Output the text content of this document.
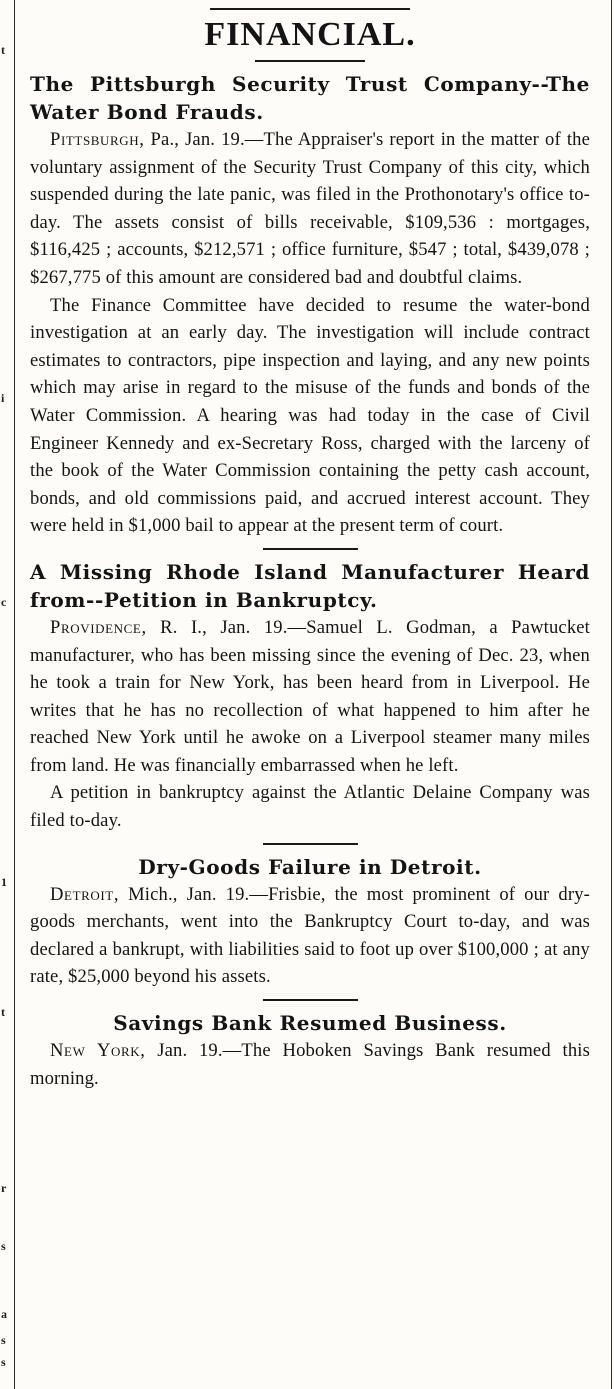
t
i
c
1
t
r
s
a
s
s
FINANCIAL.

The Pittsburgh Security Trust Company--The Water Bond Frauds.

Pittsburgh, Pa., Jan. 19.—The Appraiser's report in the matter of the voluntary assignment of the Security Trust Company of this city, which suspended during the late panic, was filed in the Prothonotary's office to-day. The assets consist of bills receivable, $109,536 : mortgages, $116,425 ; accounts, $212,571 ; office furniture, $547 ; total, $439,078 ; $267,775 of this amount are considered bad and doubtful claims.

The Finance Committee have decided to resume the water-bond investigation at an early day. The investigation will include contract estimates to contractors, pipe inspection and laying, and any new points which may arise in regard to the misuse of the funds and bonds of the Water Commission. A hearing was had today in the case of Civil Engineer Kennedy and ex-Secretary Ross, charged with the larceny of the book of the Water Commission containing the petty cash account, bonds, and old commissions paid, and accrued interest account. They were held in $1,000 bail to appear at the present term of court.

A Missing Rhode Island Manufacturer Heard from--Petition in Bankruptcy.

Providence, R. I., Jan. 19.—Samuel L. Godman, a Pawtucket manufacturer, who has been missing since the evening of Dec. 23, when he took a train for New York, has been heard from in Liverpool. He writes that he has no recollection of what happened to him after he reached New York until he awoke on a Liverpool steamer many miles from land. He was financially embarrassed when he left.

A petition in bankruptcy against the Atlantic Delaine Company was filed to-day.

Dry-Goods Failure in Detroit.

Detroit, Mich., Jan. 19.—Frisbie, the most prominent of our dry-goods merchants, went into the Bankruptcy Court to-day, and was declared a bankrupt, with liabilities said to foot up over $100,000 ; at any rate, $25,000 beyond his assets.

Savings Bank Resumed Business.

New York, Jan. 19.—The Hoboken Savings Bank resumed this morning.
